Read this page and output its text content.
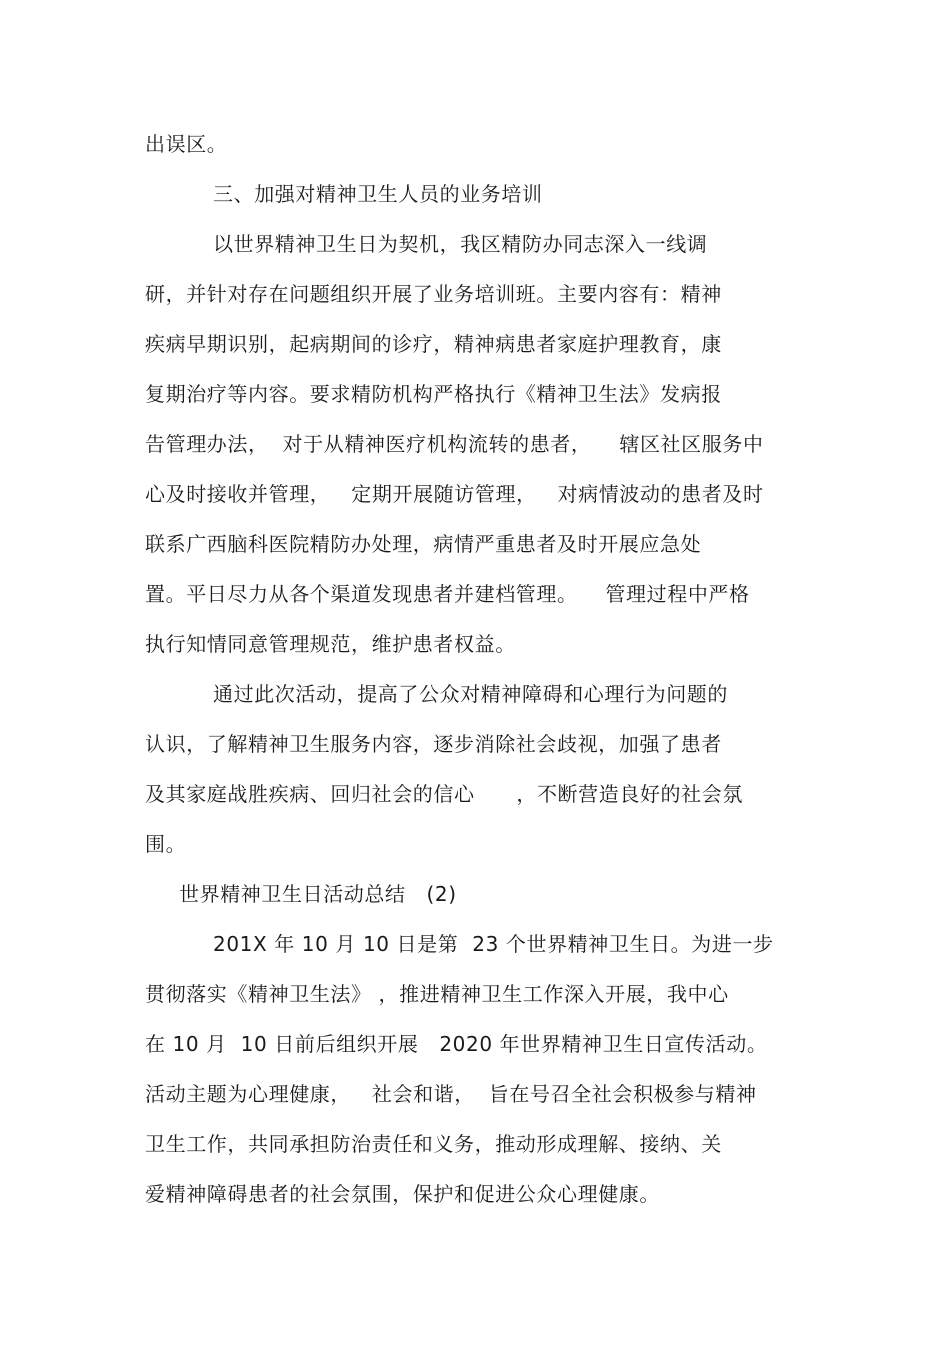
出误区。
三、加强对精神卫生人员的业务培训
以世界精神卫生日为契机，我区精防办同志深入一线调
研，并针对存在问题组织开展了业务培训班。主要内容有：精神
疾病早期识别，起病期间的诊疗，精神病患者家庭护理教育，康
复期治疗等内容。要求精防机构严格执行《精神卫生法》发病报
告管理办法，  对于从精神医疗机构流转的患者，    辖区社区服务中
心及时接收并管理，   定期开展随访管理，   对病情波动的患者及时
联系广西脑科医院精防办处理，病情严重患者及时开展应急处
置。平日尽力从各个渠道发现患者并建档管理。    管理过程中严格
执行知情同意管理规范，维护患者权益。
通过此次活动，提高了公众对精神障碍和心理行为问题的
认识，了解精神卫生服务内容，逐步消除社会歧视，加强了患者
及其家庭战胜疾病、回归社会的信心      ，不断营造良好的社会氛
围。
世界精神卫生日活动总结   (2)
201X 年 10 月 10 日是第  23 个世界精神卫生日。为进一步
贯彻落实《精神卫生法》 ，推进精神卫生工作深入开展，我中心
在 10 月  10 日前后组织开展   2020 年世界精神卫生日宣传活动。
活动主题为心理健康，   社会和谐，  旨在号召全社会积极参与精神
卫生工作，共同承担防治责任和义务，推动形成理解、接纳、关
爱精神障碍患者的社会氛围，保护和促进公众心理健康。
